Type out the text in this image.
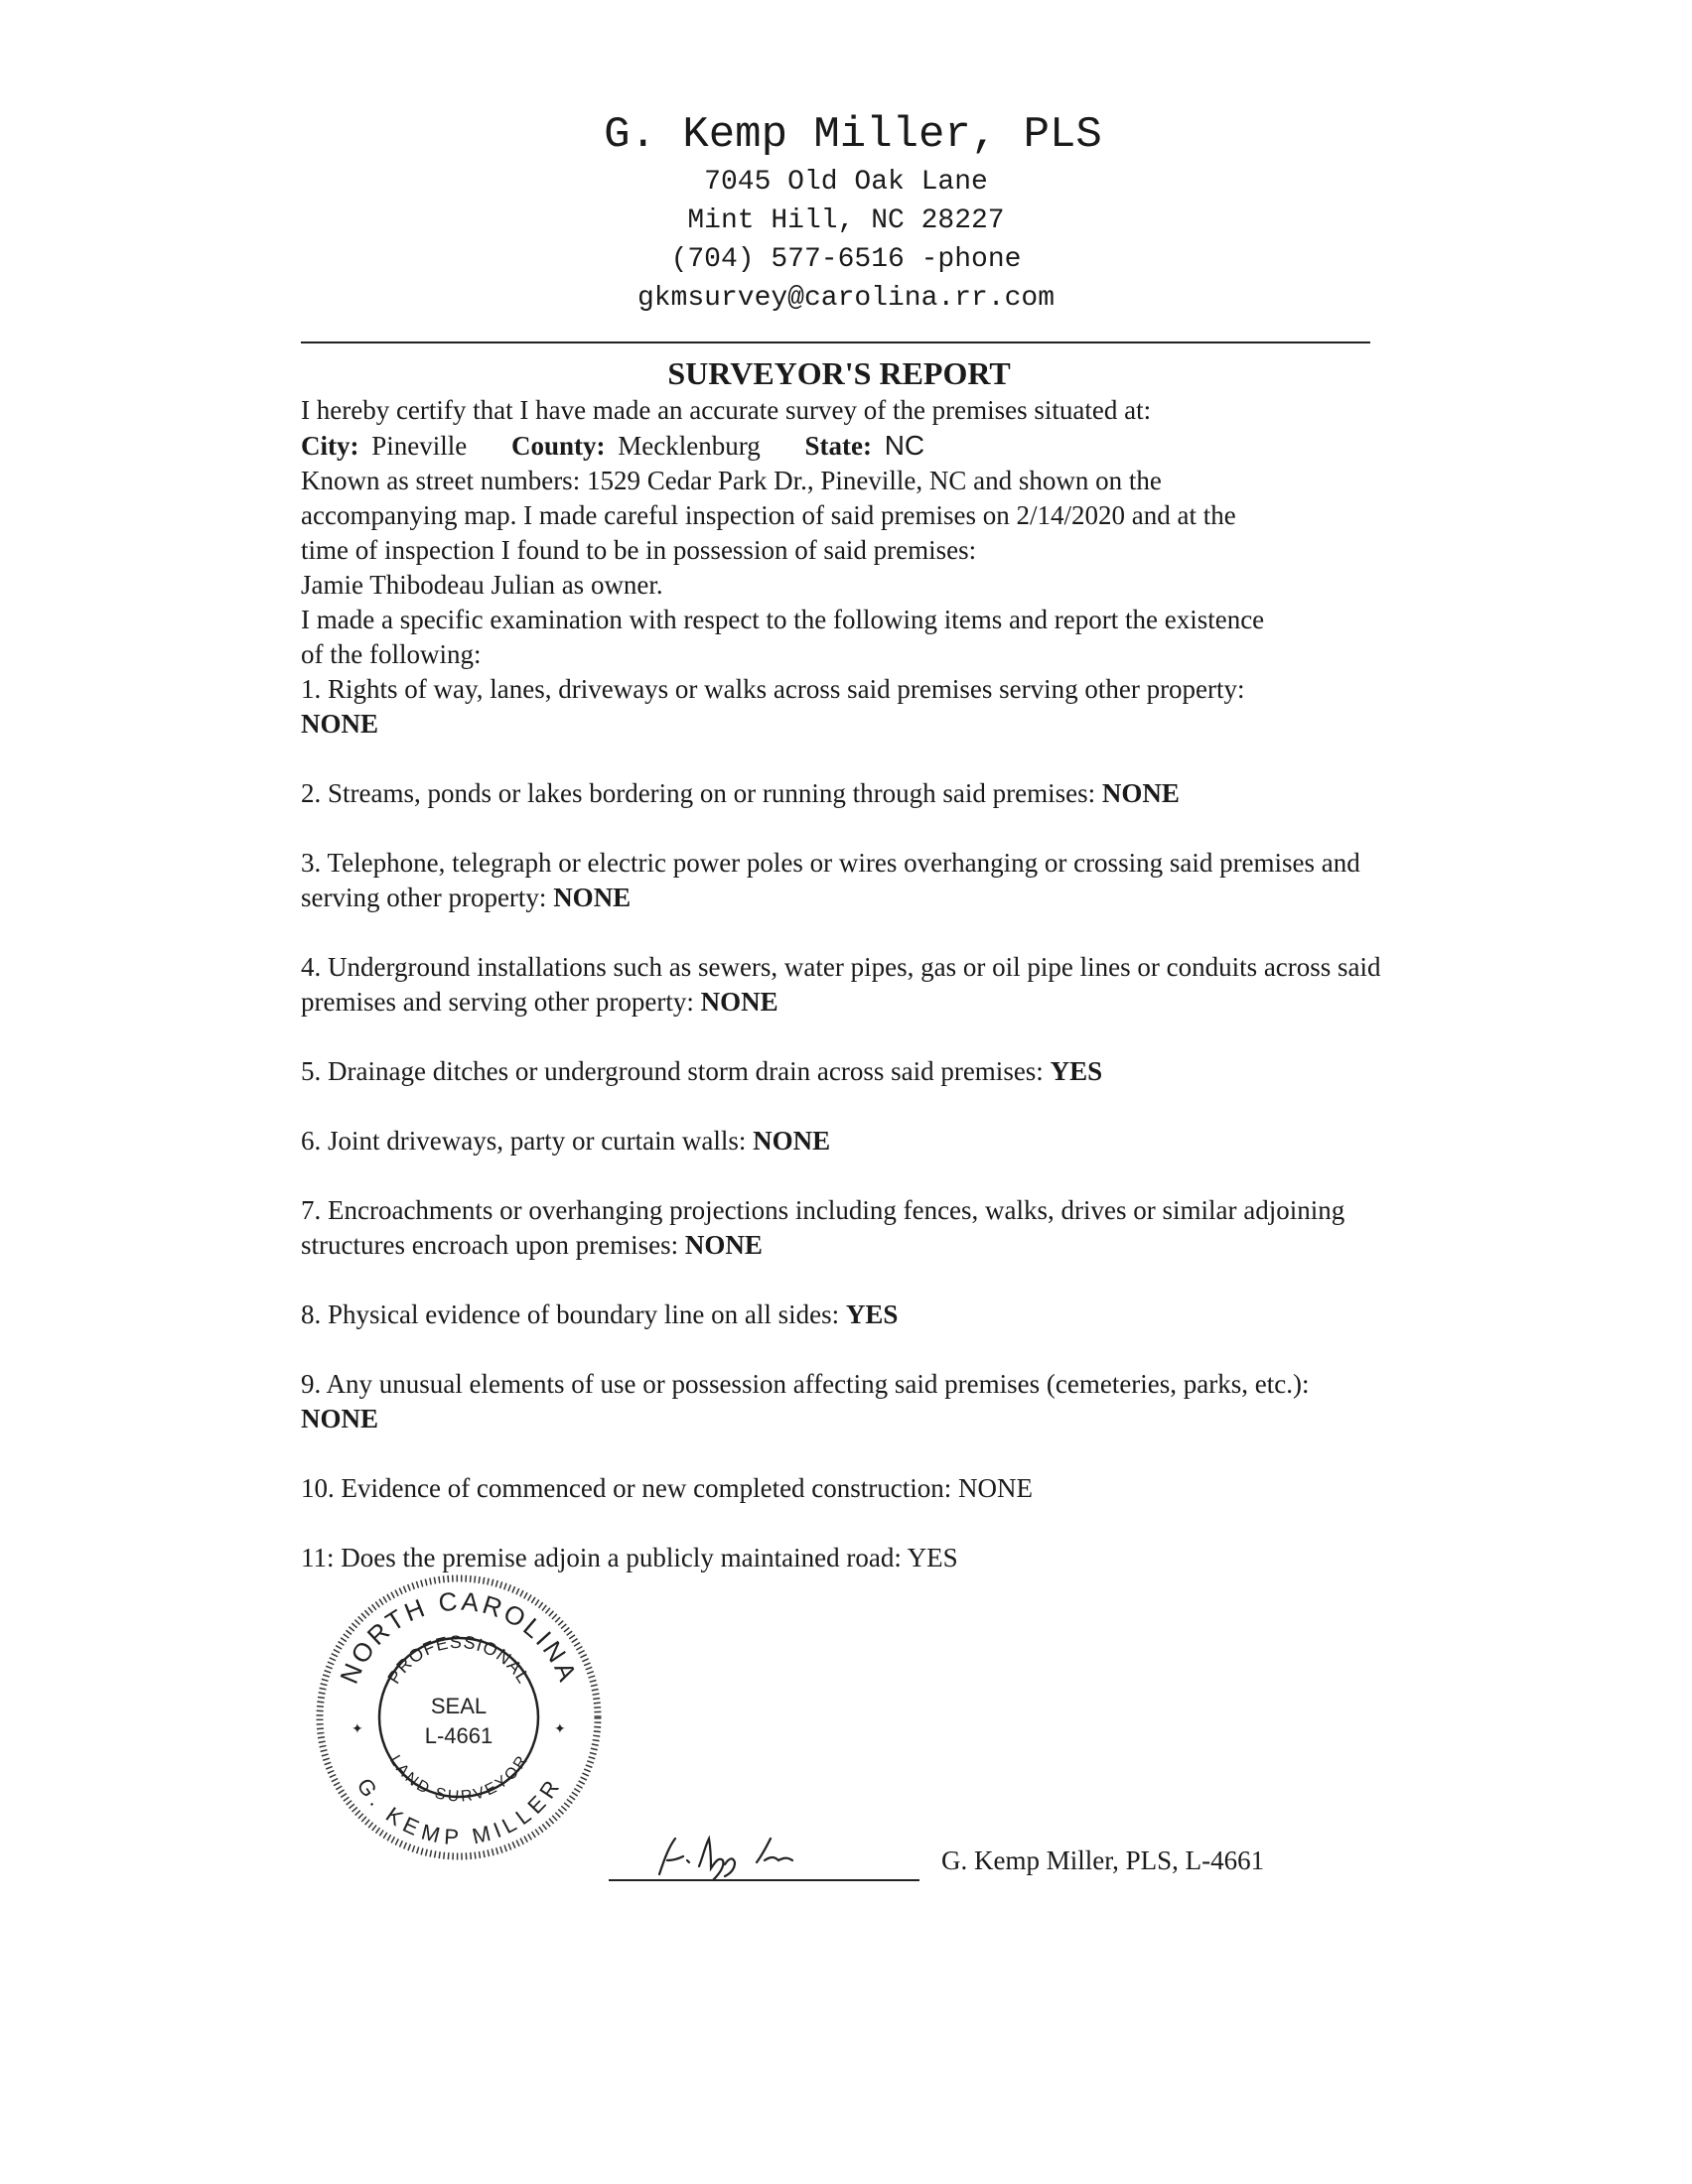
G. Kemp Miller, PLS
7045 Old Oak Lane
Mint Hill, NC 28227
(704) 577-6516 -phone
gkmsurvey@carolina.rr.com
SURVEYOR'S REPORT
I hereby certify that I have made an accurate survey of the premises situated at:
City: Pineville County: Mecklenburg State: NC
Known as street numbers: 1529 Cedar Park Dr., Pineville, NC and shown on the
accompanying map. I made careful inspection of said premises on 2/14/2020 and at the
time of inspection I found to be in possession of said premises:
Jamie Thibodeau Julian as owner.
I made a specific examination with respect to the following items and report the existence
of the following:
1. Rights of way, lanes, driveways or walks across said premises serving other property:
NONE
2. Streams, ponds or lakes bordering on or running through said premises: NONE
3. Telephone, telegraph or electric power poles or wires overhanging or crossing said premises and serving other property: NONE
4. Underground installations such as sewers, water pipes, gas or oil pipe lines or conduits across said premises and serving other property: NONE
5. Drainage ditches or underground storm drain across said premises: YES
6. Joint driveways, party or curtain walls: NONE
7. Encroachments or overhanging projections including fences, walks, drives or similar adjoining structures encroach upon premises: NONE
8. Physical evidence of boundary line on all sides: YES
9. Any unusual elements of use or possession affecting said premises (cemeteries, parks, etc.): NONE
10. Evidence of commenced or new completed construction: NONE
11: Does the premise adjoin a publicly maintained road: YES
NORTH CAROLINA
G. KEMP MILLER
PROFESSIONAL
LAND SURVEYOR
SEAL
L-4661
✦	✦
G. Kemp Miller, PLS, L-4661
